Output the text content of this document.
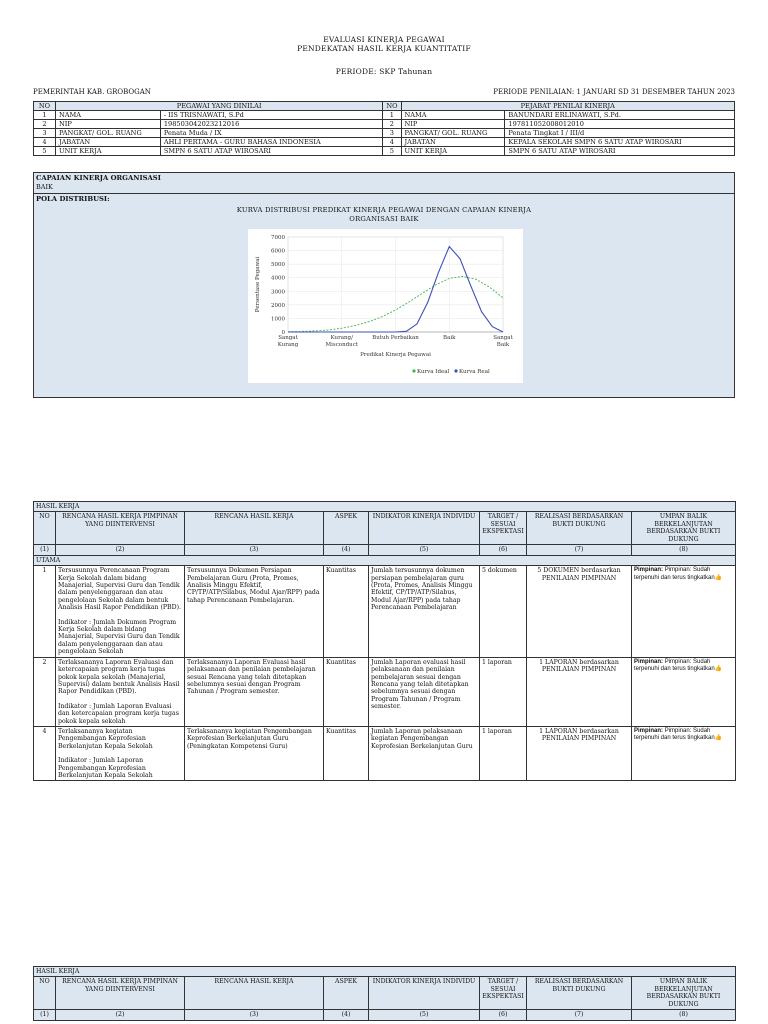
EVALUASI KINERJA PEGAWAI
PENDEKATAN HASIL KERJA KUANTITATIF
PERIODE: SKP Tahunan
PEMERINTAH KAB. GROBOGAN	PERIODE PENILAIAN: 1 JANUARI SD 31 DESEMBER TAHUN 2023
NO	PEGAWAI YANG DINILAI		NO	PEJABAT PENILAI KINERJA	
1	NAMA	- IIS TRISNAWATI, S.Pd	1	NAMA	BANUNDARI ERLINAWATI, S.Pd.
2	NIP	198503042023212016	2	NIP	197811052008012010
3	PANGKAT/ GOL. RUANG	Penata Muda / IX	3	PANGKAT/ GOL. RUANG	Penata Tingkat I / III/d
4	JABATAN	AHLI PERTAMA - GURU BAHASA INDONESIA	4	JABATAN	KEPALA SEKOLAH SMPN 6 SATU ATAP WIROSARI
5	UNIT KERJA	SMPN 6 SATU ATAP WIROSARI	5	UNIT KERJA	SMPN 6 SATU ATAP WIROSARI
CAPAIAN KINERJA ORGANISASI
BAIK
POLA DISTRIBUSI:
KURVA DISTRIBUSI PREDIKAT KINERJA PEGAWAI DENGAN CAPAIAN KINERJA ORGANISASI BAIK
0
1000
2000
3000
4000
5000
6000
7000
Sangat
Kurang
Kurang/
Misconduct
Butuh Perbaikan	Baik	Sangat
Baik
Predikat Kinerja Pegawai
Persentase Pegawai
Kurva Ideal Kurva Real
HASIL KERJA							
NO	RENCANA HASIL KERJA PIMPINAN YANG DIINTERVENSI	RENCANA HASIL KERJA	ASPEK	INDIKATOR KINERJA INDIVIDU	TARGET / SESUAI EKSPEKTASI	REALISASI BERDASARKAN BUKTI DUKUNG	UMPAN BALIK BERKELANJUTAN BERDASARKAN BUKTI DUKUNG
(1)	(2)	(3)	(4)	(5)	(6)	(7)	(8)
UTAMA							
1	Tersusunnya Perencanaan Program Kerja Sekolah dalam bidang Manajerial, Supervisi Guru dan Tendik dalam penyelenggaraan dan atau pengelolaan Sekolah dalam bentuk Analisis Hasil Rapor Pendidikan (PBD).
Indikator : Jumlah Dokumen Program Kerja Sekolah dalam bidang Manajerial, Supervisi Guru dan Tendik dalam penyelenggaraan dan atau pengelolaan Sekolah	Tersusunnya Dokumen Persiapan Pembelajaran Guru (Prota, Promes, Analisis Minggu Efektif, CP/TP/ATP/Silabus, Modul Ajar/RPP) pada tahap Perencanaan Pembelajaran.	Kuantitas	Jumlah tersusunnya dokumen persiapan pembelajaran guru (Prota, Promes, Analisis Minggu Efektif, CP/TP/ATP/Silabus, Modul Ajar/RPP) pada tahap Perencanaan Pembelajaran	5 dokumen	5 DOKUMEN berdasarkan PENILAIAN PIMPINAN	Pimpinan: Pimpinan: Sudah terpenuhi dan terus tingkatkan👍
2	Terlaksananya Laporan Evaluasi dan ketercapaian program kerja tugas pokok kepala sekolah (Manajerial, Supervisi) dalam bentuk Analisis Hasil Rapor Pendidikan (PBD).
Indikator : Jumlah Laporan Evaluasi dan ketercapaian program kerja tugas pokok kepala sekolah	Terlaksananya Laporan Evaluasi hasil pelaksanaan dan penilaian pembelajaran sesuai Rencana yang telah ditetapkan sebelumnya sesuai dengan Program Tahunan / Program semester.	Kuantitas	Jumlah Laporan evaluasi hasil pelaksanaan dan penilaian pembelajaran sesuai dengan Rencana yang telah ditetapkan sebelumnya sesuai dengan Program Tahunan / Program semester.	1 laporan	1 LAPORAN berdasarkan PENILAIAN PIMPINAN	Pimpinan: Pimpinan: Sudah terpenuhi dan terus tingkatkan👍
4	Terlaksananya kegiatan Pengembangan Keprofesian Berkelanjutan Kepala Sekolah
Indikator : Jumlah Laporan Pengembangan Keprofesian Berkelanjutan Kepala Sekolah	Terlaksananya kegiatan Pengembangan Keprofesian Berkelanjutan Guru (Peningkatan Kompetensi Guru)	Kuantitas	Jumlah Laporan pelaksanaan kegiatan Pengembangan Keprofesian Berkelanjutan Guru	1 laporan	1 LAPORAN berdasarkan PENILAIAN PIMPINAN	Pimpinan: Pimpinan: Sudah terpenuhi dan terus tingkatkan👍
HASIL KERJA							
NO	RENCANA HASIL KERJA PIMPINAN YANG DIINTERVENSI	RENCANA HASIL KERJA	ASPEK	INDIKATOR KINERJA INDIVIDU	TARGET / SESUAI EKSPEKTASI	REALISASI BERDASARKAN BUKTI DUKUNG	UMPAN BALIK BERKELANJUTAN BERDASARKAN BUKTI DUKUNG
(1)	(2)	(3)	(4)	(5)	(6)	(7)	(8)
